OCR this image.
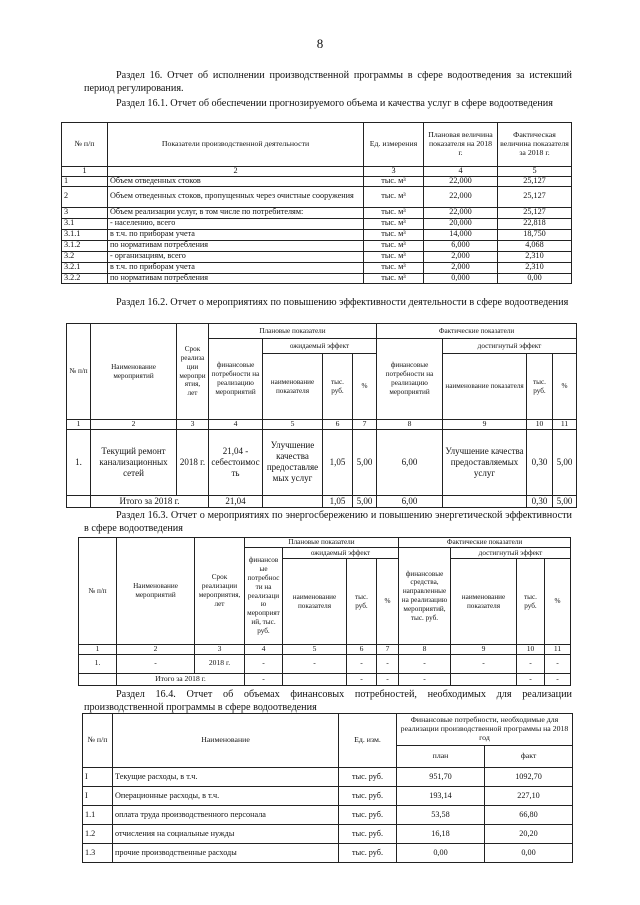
8
Раздел 16. Отчет об исполнении производственной программы в сфере водоотведения за истекший период регулирования.
Раздел 16.1. Отчет об обеспечении прогнозируемого объема и качества услуг в сфере водоотведения
№ п/п	Показатели производственной деятельности	Ед. измерения	Плановая величина показателя на 2018 г.	Фактическая величина показателя за 2018 г.
1	2	3	4	5
1	Объем отведенных стоков	тыс. м³	22,000	25,127
2	Объем отведенных стоков, пропущенных через очистные сооружения	тыс. м³	22,000	25,127
3	Объем реализации услуг, в том числе по потребителям:	тыс. м³	22,000	25,127
3.1	- населению, всего	тыс. м³	20,000	22,818
3.1.1	в т.ч. по приборам учета	тыс. м³	14,000	18,750
3.1.2	по нормативам потребления	тыс. м³	6,000	4,068
3.2	- организациям, всего	тыс. м³	2,000	2,310
3.2.1	в т.ч. по приборам учета	тыс. м³	2,000	2,310
3.2.2	по нормативам потребления	тыс. м³	0,000	0,00
Раздел 16.2. Отчет о мероприятиях по повышению эффективности деятельности в сфере водоотведения
№ п/п	Наименование мероприятий	Срок реализации мероприятия, лет	Плановые показатели				Фактические показатели			
			финансовые потребности на реализацию мероприятий	ожидаемый эффект			финансовые потребности на реализацию мероприятий	достигнутый эффект		
				наименование показателя	тыс. руб.	%		наименование показателя	тыс. руб.	%
1	2	3	4	5	6	7	8	9	10	11
1.	Текущий ремонт канализационных сетей	2018 г.	21,04 - себестоимость	Улучшение качества предоставляемых услуг	1,05	5,00	6,00	Улучшение качества предоставляемых услуг	0,30	5,00
	Итого за 2018 г.		21,04		1,05	5,00	6,00		0,30	5,00
Раздел 16.3. Отчет о мероприятиях по энергосбережению и повышению энергетической эффективности в сфере водоотведения
№ п/п	Наименование мероприятий	Срок реализации мероприятия, лет	Плановые показатели				Фактические показатели			
			финансовые потребности на реализацию мероприятий, тыс. руб.	ожидаемый эффект			финансовые средства, направленные на реализацию мероприятий, тыс. руб.	достигнутый эффект		
				наименование показателя	тыс. руб.	%		наименование показателя	тыс. руб.	%
1	2	3	4	5	6	7	8	9	10	11
1.	-	2018 г.	-	-	-	-	-	-	-	-
	Итого за 2018 г.		-		-	-	-		-	-
Раздел 16.4. Отчет об объемах финансовых потребностей, необходимых для реализации производственной программы в сфере водоотведения
№ п/п	Наименование	Ед. изм.	Финансовые потребности, необходимые для реализации производственной программы на 2018 год	
			план	факт
I	Текущие расходы, в т.ч.	тыс. руб.	951,70	1092,70
I	Операционные расходы, в т.ч.	тыс. руб.	193,14	227,10
1.1	оплата труда производственного персонала	тыс. руб.	53,58	66,80
1.2	отчисления на социальные нужды	тыс. руб.	16,18	20,20
1.3	прочие производственные расходы	тыс. руб.	0,00	0,00
